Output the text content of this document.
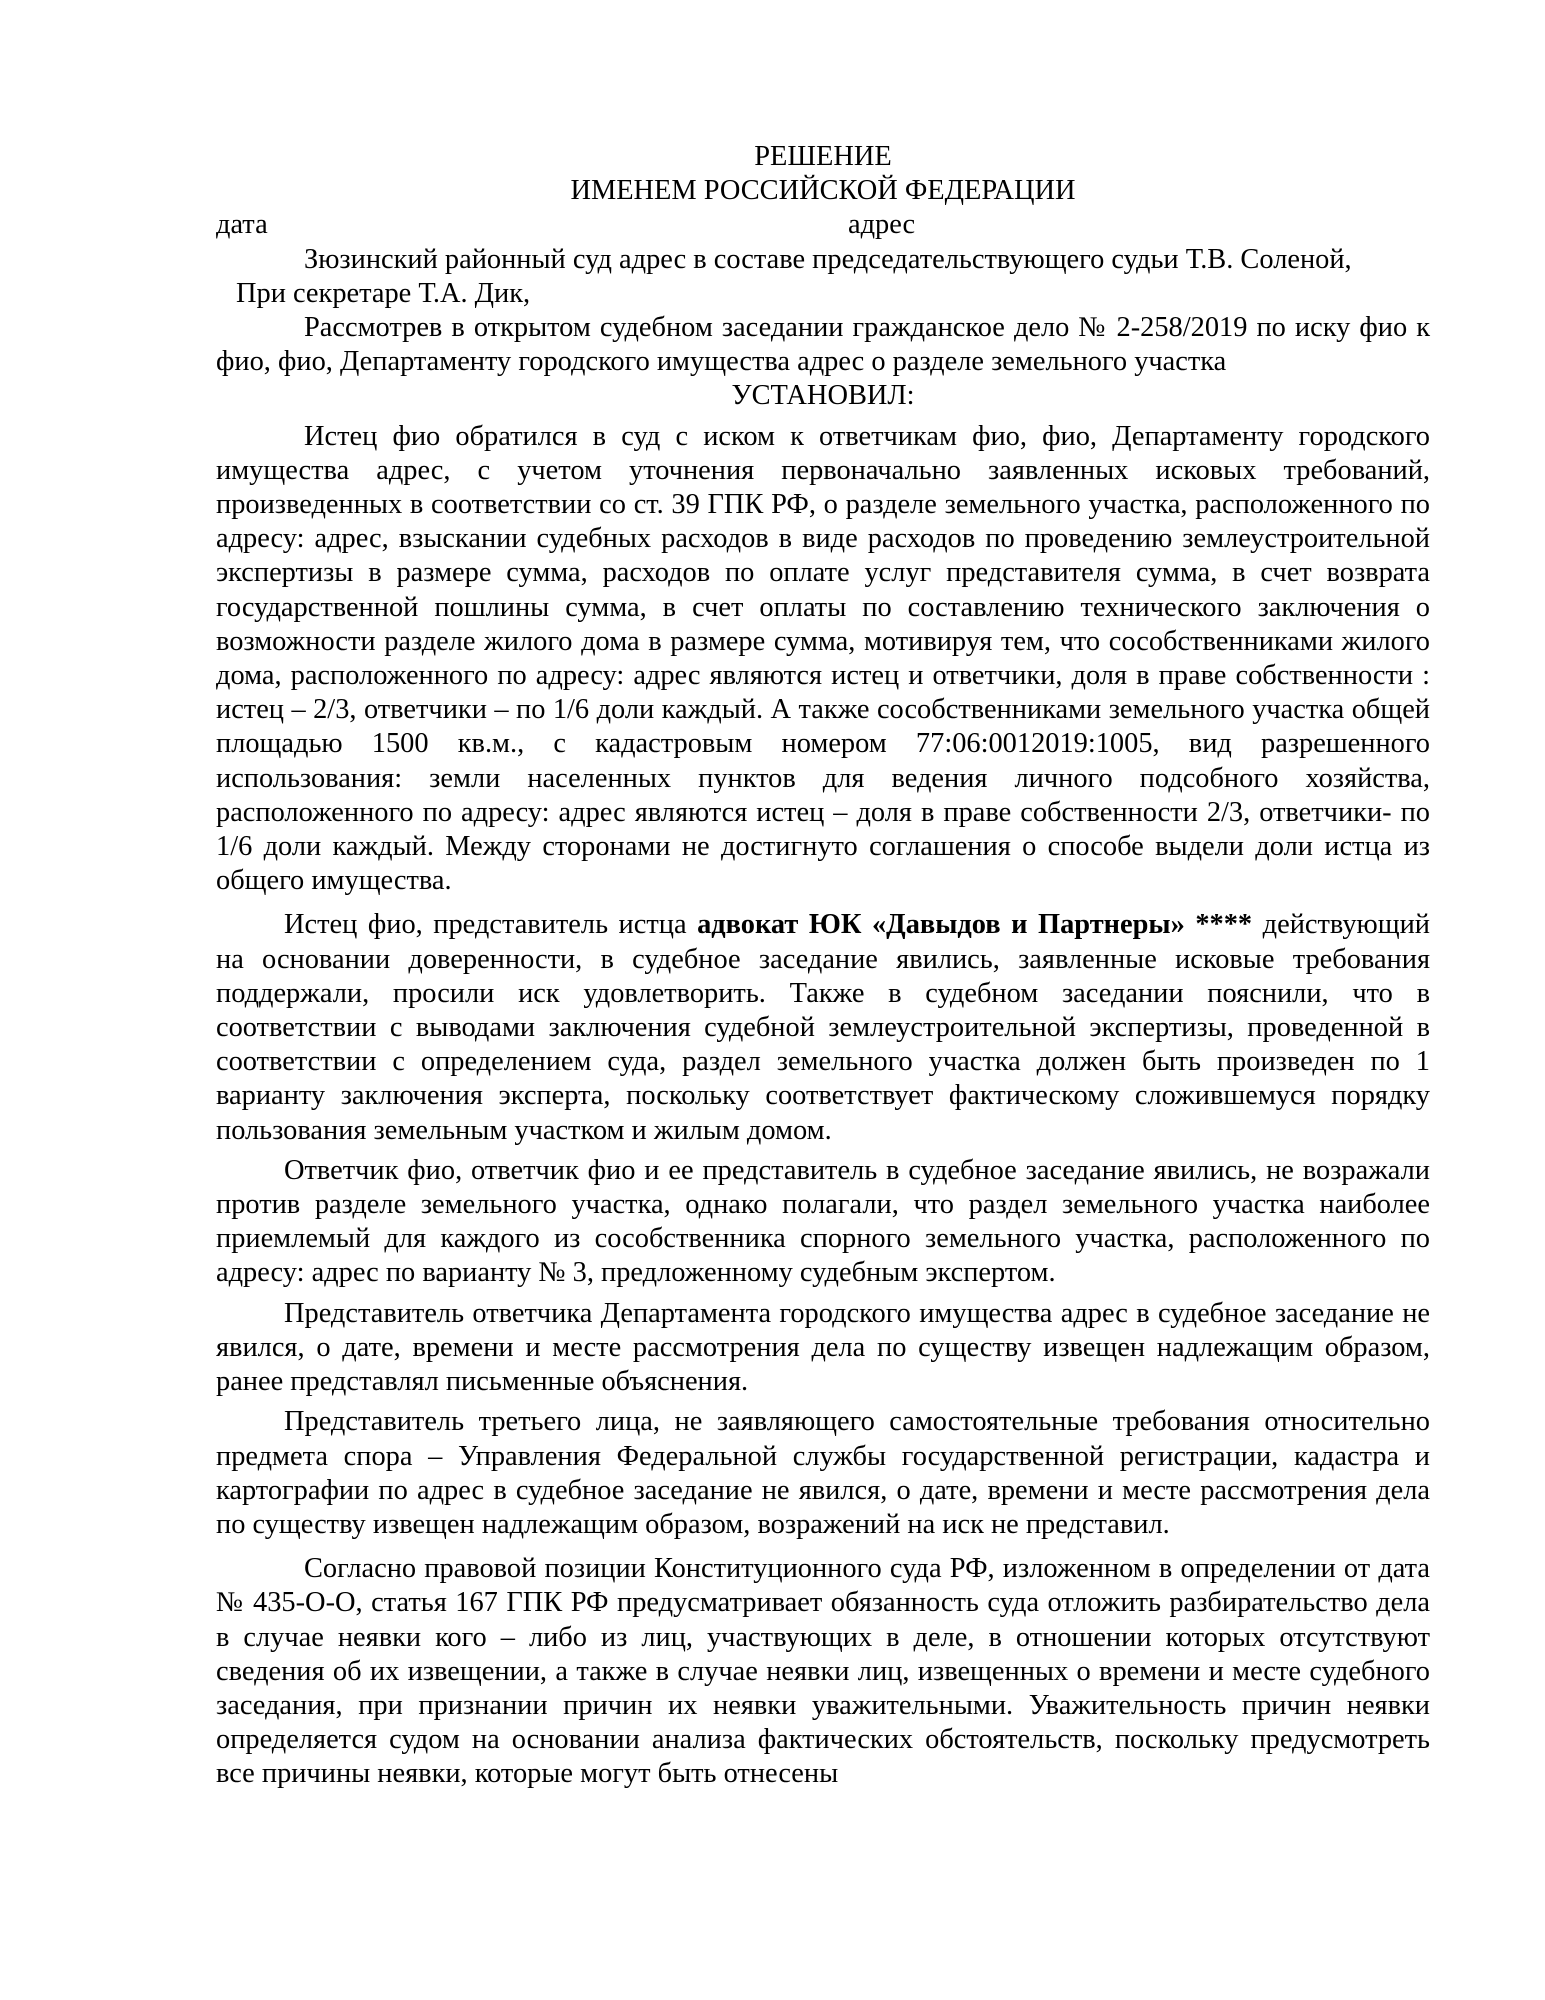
РЕШЕНИЕ
ИМЕНЕМ РОССИЙСКОЙ ФЕДЕРАЦИИ
дата	адрес

Зюзинский районный суд адрес в составе председательствующего судьи Т.В. Соленой,

При секретаре Т.А. Дик,

Рассмотрев в открытом судебном заседании гражданское дело № 2-258/2019 по иску фио к фио, фио, Департаменту городского имущества адрес о разделе земельного участка

УСТАНОВИЛ:

Истец фио обратился в суд с иском к ответчикам фио, фио, Департаменту городского имущества адрес, с учетом уточнения первоначально заявленных исковых требований, произведенных в соответствии со ст. 39 ГПК РФ, о разделе земельного участка, расположенного по адресу: адрес, взыскании судебных расходов в виде расходов по проведению землеустроительной экспертизы в размере сумма, расходов по оплате услуг представителя сумма, в счет возврата государственной пошлины сумма, в счет оплаты по составлению технического заключения о возможности разделе жилого дома в размере сумма, мотивируя тем, что сособственниками жилого дома, расположенного по адресу: адрес являются истец и ответчики, доля в праве собственности : истец – 2/3, ответчики – по 1/6 доли каждый. А также сособственниками земельного участка общей площадью 1500 кв.м., с кадастровым номером 77:06:0012019:1005, вид разрешенного использования: земли населенных пунктов для ведения личного подсобного хозяйства, расположенного по адресу: адрес являются истец – доля в праве собственности 2/3, ответчики- по 1/6 доли каждый. Между сторонами не достигнуто соглашения о способе выдели доли истца из общего имущества.

Истец фио, представитель истца адвокат ЮК «Давыдов и Партнеры» **** действующий на основании доверенности, в судебное заседание явились, заявленные исковые требования поддержали, просили иск удовлетворить. Также в судебном заседании пояснили, что в соответствии с выводами заключения судебной землеустроительной экспертизы, проведенной в соответствии с определением суда, раздел земельного участка должен быть произведен по 1 варианту заключения эксперта, поскольку соответствует фактическому сложившемуся порядку пользования земельным участком и жилым домом.

Ответчик фио, ответчик фио и ее представитель в судебное заседание явились, не возражали против разделе земельного участка, однако полагали, что раздел земельного участка наиболее приемлемый для каждого из сособственника спорного земельного участка, расположенного по адресу: адрес по варианту № 3, предложенному судебным экспертом.

Представитель ответчика Департамента городского имущества адрес в судебное заседание не явился, о дате, времени и месте рассмотрения дела по существу извещен надлежащим образом, ранее представлял письменные объяснения.

Представитель третьего лица, не заявляющего самостоятельные требования относительно предмета спора – Управления Федеральной службы государственной регистрации, кадастра и картографии по адрес в судебное заседание не явился, о дате, времени и месте рассмотрения дела по существу извещен надлежащим образом, возражений на иск не представил.

Согласно правовой позиции Конституционного суда РФ, изложенном в определении от дата № 435-О-О, статья 167 ГПК РФ предусматривает обязанность суда отложить разбирательство дела в случае неявки кого – либо из лиц, участвующих в деле, в отношении которых отсутствуют сведения об их извещении, а также в случае неявки лиц, извещенных о времени и месте судебного заседания, при признании причин их неявки уважительными. Уважительность причин неявки определяется судом на основании анализа фактических обстоятельств, поскольку предусмотреть все причины неявки, которые могут быть отнесены
